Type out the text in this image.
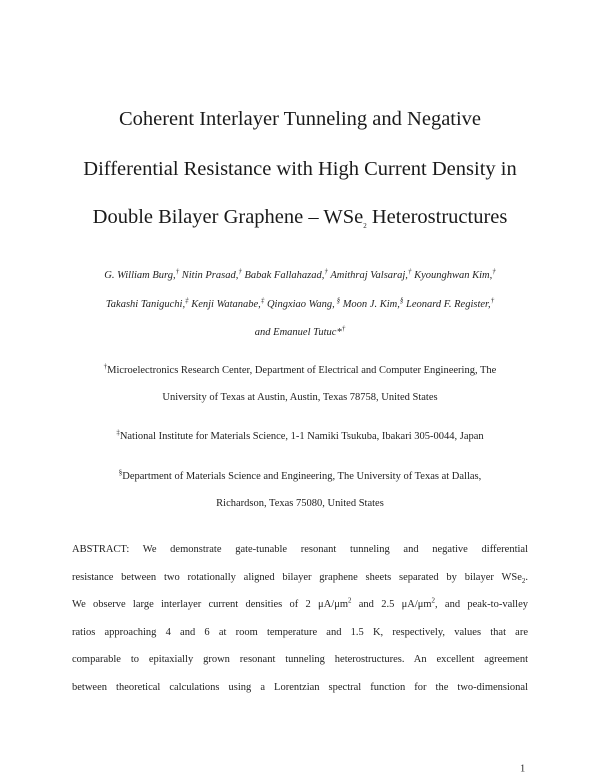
Coherent Interlayer Tunneling and Negative
Differential Resistance with High Current Density in
Double Bilayer Graphene – WSe$_2$ Heterostructures
G. William Burg,† Nitin Prasad,† Babak Fallahazad,† Amithraj Valsaraj,† Kyounghwan Kim,†
Takashi Taniguchi,‡ Kenji Watanabe,‡ Qingxiao Wang, § Moon J. Kim,§ Leonard F. Register,†
and Emanuel Tutuc*†
†Microelectronics Research Center, Department of Electrical and Computer Engineering, The
University of Texas at Austin, Austin, Texas 78758, United States
‡National Institute for Materials Science, 1-1 Namiki Tsukuba, Ibakari 305-0044, Japan
§Department of Materials Science and Engineering, The University of Texas at Dallas,
Richardson, Texas 75080, United States
ABSTRACT: We demonstrate gate-tunable resonant tunneling and negative differential
resistance between two rotationally aligned bilayer graphene sheets separated by bilayer WSe$_2$.
We observe large interlayer current densities of 2 $\mu A/\mu m^2$ and 2.5 $\mu A/\mu m^2$, and peak-to-valley
ratios approaching 4 and 6 at room temperature and 1.5 K, respectively, values that are
comparable to epitaxially grown resonant tunneling heterostructures. An excellent agreement
between theoretical calculations using a Lorentzian spectral function for the two-dimensional
1
